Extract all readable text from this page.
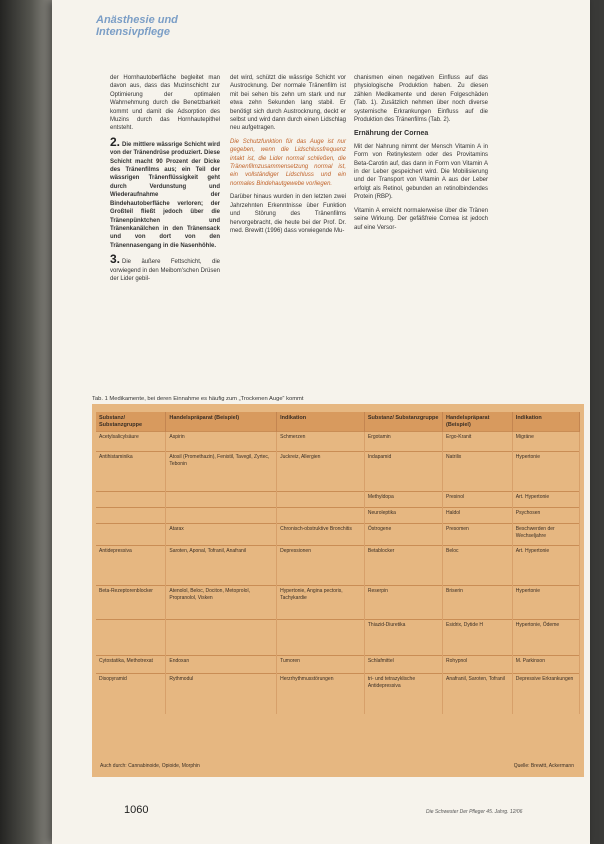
Anästhesie und
Intensivpflege

der Hornhautoberfläche begleitet man davon aus, dass das Muzinschicht zur Optimierung der optimalen Wahrnehmung durch die Benetzbarkeit kommt und damit die Adsorption des Muzins durch das Hornhautepithel entsteht.

2. Die mittlere wässrige Schicht wird von der Tränendrüse produziert. Diese Schicht macht 90 Prozent der Dicke des Tränenfilms aus; ein Teil der wässrigen Tränenflüssigkeit geht durch Verdunstung und Wiederaufnahme der Bindehautoberfläche verloren; der Großteil fließt jedoch über die Tränenpünktchen und Tränenkanälchen in den Tränensack und von dort von den Tränennasengang in die Nasenhöhle.

3. Die äußere Fettschicht, die vorwiegend in den Meibom'schen Drüsen der Lider gebil-

det wird, schützt die wässrige Schicht vor Austrocknung. Der normale Tränenfilm ist mit bei sehen bis zehn um stark und nur etwa zehn Sekunden lang stabil. Er benötigt sich durch Austrocknung, deckt er selbst und wird dann durch einen Lidschlag neu aufgetragen.

Die Schutzfunktion für das Auge ist nur gegeben, wenn die Lidschlussfrequenz intakt ist, die Lider normal schließen, die Tränenfilmzusammensetzung normal ist, ein vollständiger Lidschluss und ein normales Bindehautgewebe vorliegen.

Darüber hinaus wurden in den letzten zwei Jahrzehnten Erkenntnisse über Funktion und Störung des Tränenfilms hervorgebracht, die heute bei der Prof. Dr. med. Brewitt (1996) dass vorwiegende Mu-

chanismen einen negativen Einfluss auf das physiologische Produktion haben. Zu diesen zählen Medikamente und deren Folgeschäden (Tab. 1). Zusätzlich nehmen über noch diverse systemische Erkrankungen Einfluss auf die Produktion des Tränenfilms (Tab. 2).

Ernährung der Cornea

Mit der Nahrung nimmt der Mensch Vitamin A in Form von Retinylestern oder des Provitamins Beta-Carotin auf, das dann in Form von Vitamin A in der Leber gespeichert wird. Die Mobilisierung und der Transport von Vitamin A aus der Leber erfolgt als Retinol, gebunden an retinolbindendes Protein (RBP).

Vitamin A erreicht normalerweise über die Tränen seine Wirkung. Der gefäßfreie Cornea ist jedoch auf eine Versor-

Tab. 1 Medikamente, bei deren Einnahme es häufig zum „Trockenen Auge“ kommt
Substanz/ Substanzgruppe	Handelspräparat (Beispiel)	Indikation	Substanz/ Substanzgruppe	Handelspräparat (Beispiel)	Indikation
Acetylsalicylsäure	Aspirin	Schmerzen	Ergotamin	Ergo-Kranit	Migräne
Antihistaminika	Atosil (Promethazin), Fenistil, Tavegil, Zyrtec, Tebonin	Juckreiz, Allergien	Indapamid	Natrilix	Hypertonie
			Methyldopa	Presinol	Art. Hypertonie
			Neuroleptika	Haldol	Psychosen
	Atarax	Chronisch-obstruktive Bronchitis	Östrogene	Presomen	Beschwerden der Wechseljahre
Antidepressiva	Saroten, Aponal, Tofranil, Anafranil	Depressionen	Betablocker	Beloc	Art. Hypertonie
Beta-Rezeptorenblocker	Atenolol, Beloc, Dociton, Metoprolol, Propranolol, Visken	Hypertonie, Angina pectoris, Tachykardie	Reserpin	Briserin	Hypertonie
			Thiazid-Diuretika	Esidrix, Dytide H	Hypertonie, Ödeme
Cytostatika, Methotrexat	Endoxan	Tumoren	Schlafmittel	Rohypnol	M. Parkinson
Disopyramid	Rythmodul	Herzrhythmusstörungen	tri- und tetrazyklische Antidepressiva	Anafranil, Saroten, Tofranil	Depressive Erkrankungen
Auch durch: Cannabinoide, Opioide, Morphin	Quelle: Brewitt, Ackermann
1060	Die Schwester Der Pfleger 45. Jahrg. 12/06
